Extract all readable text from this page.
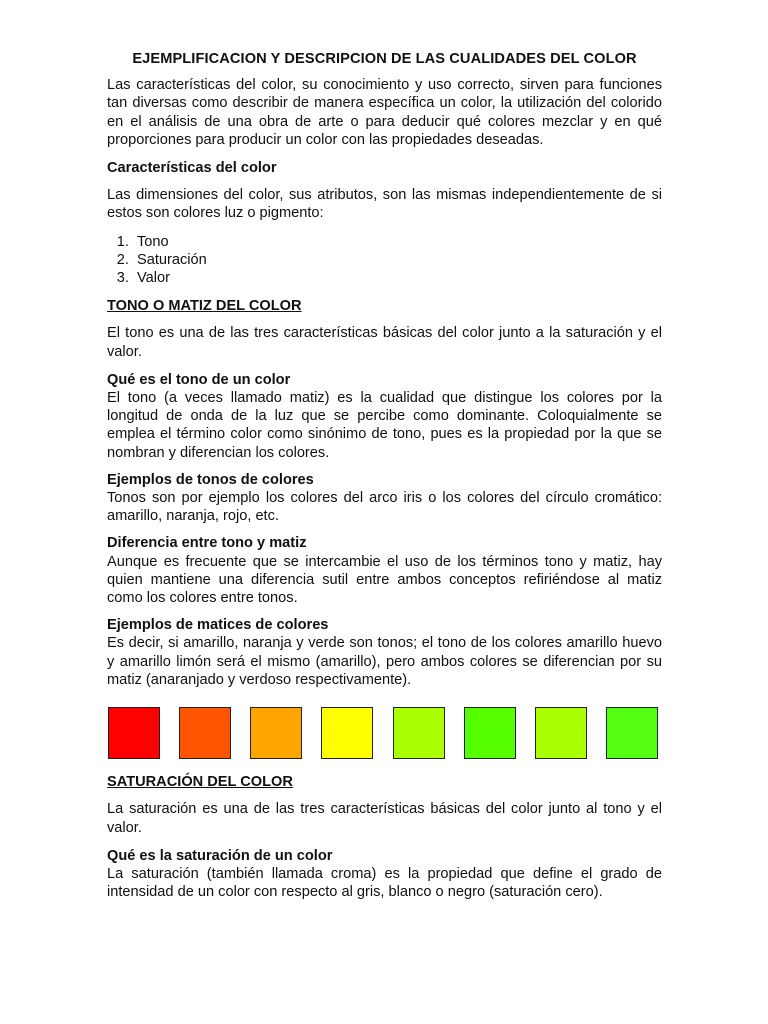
EJEMPLIFICACION Y DESCRIPCION DE LAS CUALIDADES DEL COLOR

Las características del color, su conocimiento y uso correcto, sirven para funciones tan diversas como describir de manera específica un color, la utilización del colorido en el análisis de una obra de arte o para deducir qué colores mezclar y en qué proporciones para producir un color con las propiedades deseadas.

Características del color

Las dimensiones del color, sus atributos, son las mismas independientemente de si estos son colores luz o pigmento:

1. Tono
2. Saturación
3. Valor
TONO O MATIZ DEL COLOR

El tono es una de las tres características básicas del color junto a la saturación y el valor.

Qué es el tono de un color

El tono (a veces llamado matiz) es la cualidad que distingue los colores por la longitud de onda de la luz que se percibe como dominante. Coloquialmente se emplea el término color como sinónimo de tono, pues es la propiedad por la que se nombran y diferencian los colores.

Ejemplos de tonos de colores

Tonos son por ejemplo los colores del arco iris o los colores del círculo cromático: amarillo, naranja, rojo, etc.

Diferencia entre tono y matiz

Aunque es frecuente que se intercambie el uso de los términos tono y matiz, hay quien mantiene una diferencia sutil entre ambos conceptos refiriéndose al matiz como los colores entre tonos.

Ejemplos de matices de colores

Es decir, si amarillo, naranja y verde son tonos; el tono de los colores amarillo huevo y amarillo limón será el mismo (amarillo), pero ambos colores se diferencian por su matiz (anaranjado y verdoso respectivamente).

SATURACIÓN DEL COLOR

La saturación es una de las tres características básicas del color junto al tono y el valor.

Qué es la saturación de un color

La saturación (también llamada croma) es la propiedad que define el grado de intensidad de un color con respecto al gris, blanco o negro (saturación cero).
